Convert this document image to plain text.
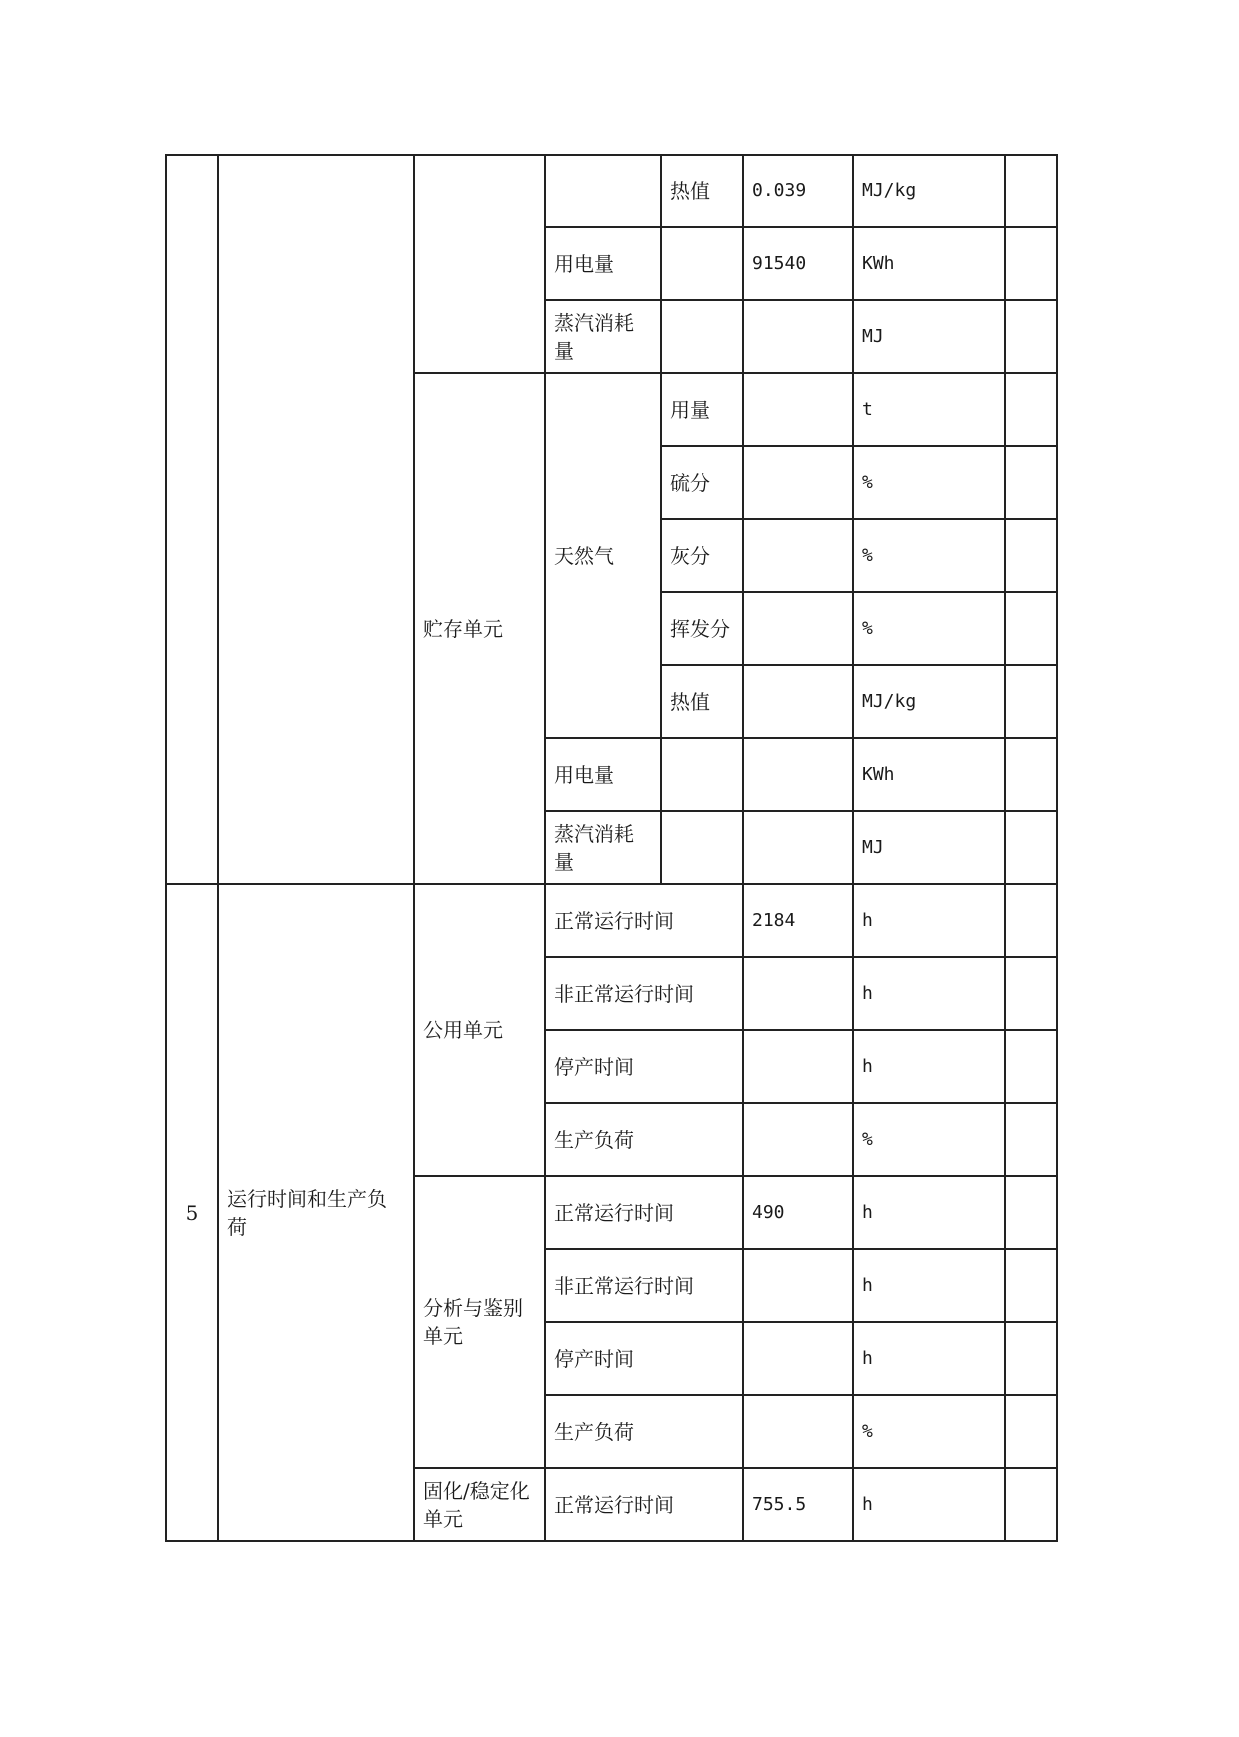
				热值	0.039	MJ/kg	
			用电量		91540	KWh	
			蒸汽消耗量			MJ	
		贮存单元	天然气	用量		t	
				硫分		%	
				灰分		%	
				挥发分		%	
				热值		MJ/kg	
			用电量			KWh	
			蒸汽消耗量			MJ	
5	运行时间和生产负荷	公用单元	正常运行时间		2184	h	
			非正常运行时间			h	
			停产时间			h	
			生产负荷			%	
		分析与鉴别单元	正常运行时间		490	h	
			非正常运行时间			h	
			停产时间			h	
			生产负荷			%	
		固化/稳定化单元	正常运行时间		755.5	h	
